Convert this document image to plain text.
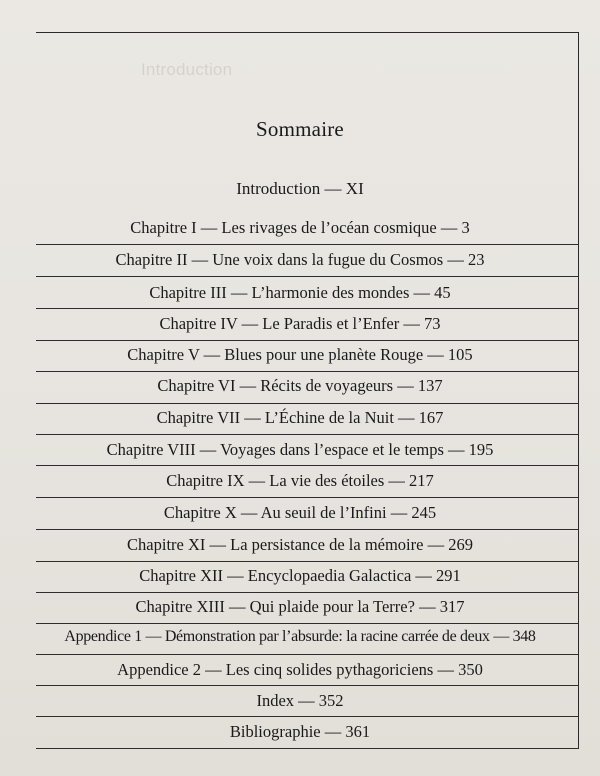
Introduction
Sommaire
Introduction — XI
Chapitre I — Les rivages de l’océan cosmique — 3
Chapitre II — Une voix dans la fugue du Cosmos — 23
Chapitre III — L’harmonie des mondes — 45
Chapitre IV — Le Paradis et l’Enfer — 73
Chapitre V — Blues pour une planète Rouge — 105
Chapitre VI — Récits de voyageurs — 137
Chapitre VII — L’Échine de la Nuit — 167
Chapitre VIII — Voyages dans l’espace et le temps — 195
Chapitre IX — La vie des étoiles — 217
Chapitre X — Au seuil de l’Infini — 245
Chapitre XI — La persistance de la mémoire — 269
Chapitre XII — Encyclopaedia Galactica — 291
Chapitre XIII — Qui plaide pour la Terre? — 317
Appendice 1 — Démonstration par l’absurde: la racine carrée de deux — 348
Appendice 2 — Les cinq solides pythagoriciens — 350
Index — 352
Bibliographie — 361
